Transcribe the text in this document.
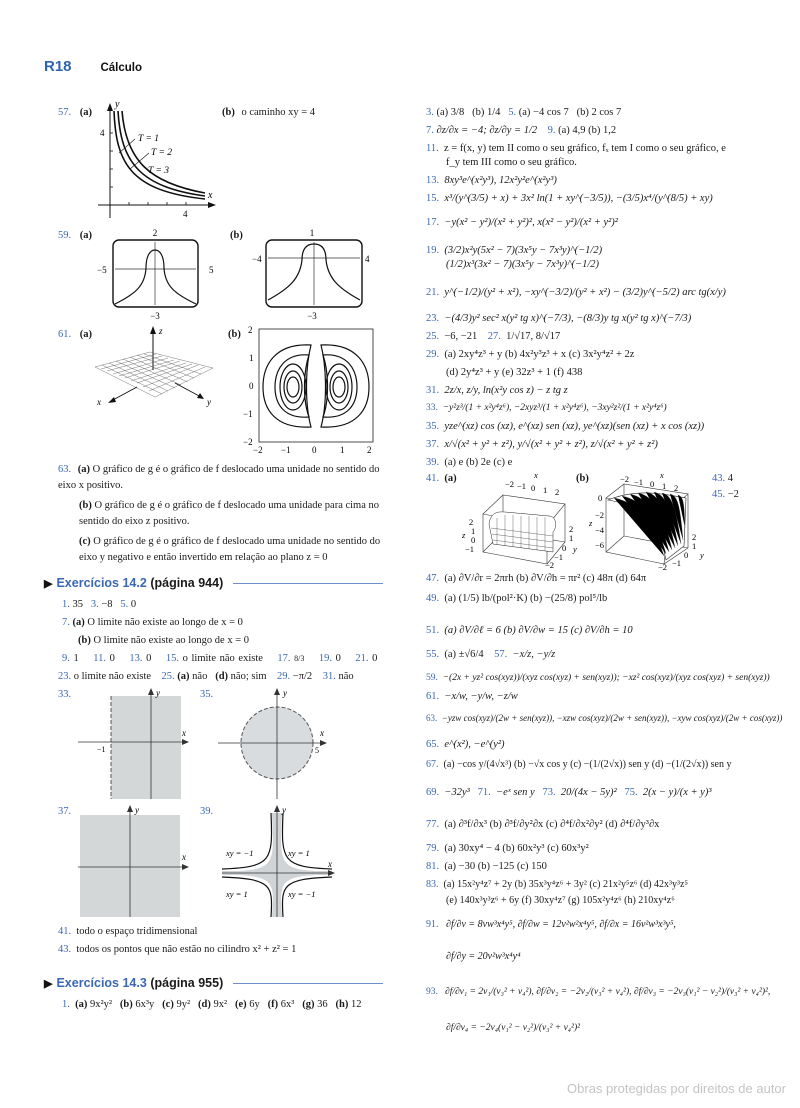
R18	Cálculo
57. (a)	(b) o caminho xy = 4
y
x
4
4
T = 1
T = 2
T = 3
59. (a)	(b)
2
−3
−5	5
1
−3
−4	4
61. (a)	(b)
z
x	y
2
1
0
−1
−2
−2 −1 0	1	2
63. (a) O gráfico de g é o gráfico de f deslocado uma unidade no sentido do eixo x positivo.
(b) O gráfico de g é o gráfico de f deslocado uma unidade para cima no sentido do eixo z positivo.
(c) O gráfico de g é o gráfico de f deslocado uma unidade no sentido do eixo y negativo e então invertido em relação ao plano z = 0
▶ Exercícios 14.2 (página 944)
1. 35 3. −8 5. 0
7. (a) O limite não existe ao longo de x = 0
(b) O limite não existe ao longo de x = 0
9. 1 11. 0 13. 0 15. o limite não existe 17. 8/3 19. 0 21. 0
23. o limite não existe 25. (a) não (d) não; sim 29. −π/2 31. não
33.	y
x
−1
35.	y
x
5
37.	y
x
39.	y
x
xy = −1	xy = 1
xy = 1	xy = −1
41. todo o espaço tridimensional
43. todos os pontos que não estão no cilindro x² + z² = 1
▶ Exercícios 14.3 (página 955)
1. (a) 9x²y² (b) 6x³y (c) 9y² (d) 9x² (e) 6y (f) 6x³ (g) 36 (h) 12
3. (a) 3/8 (b) 1/4 5. (a) −4 cos 7 (b) 2 cos 7
7. ∂z/∂x = −4; ∂z/∂y = 1/2 9. (a) 4,9 (b) 1,2
11. z = f(x, y) tem II como o seu gráfico, fₓ tem I como o seu gráfico, e
f_y tem III como o seu gráfico.
13. 8xy³e^(x²y³), 12x²y²e^(x²y³)
15. x³/(y^(3/5) + x) + 3x² ln(1 + xy^(−3/5)), −(3/5)x⁴/(y^(8/5) + xy)
17. −y(x² − y²)/(x² + y²)², x(x² − y²)/(x² + y²)²
19. (3/2)x²y(5x² − 7)(3x⁵y − 7x³y)^(−1/2)
(1/2)x³(3x² − 7)(3x⁵y − 7x³y)^(−1/2)
21. y^(−1/2)/(y² + x²), −xy^(−3/2)/(y² + x²) − (3/2)y^(−5/2) arc tg(x/y)
23. −(4/3)y² sec² x(y² tg x)^(−7/3), −(8/3)y tg x(y² tg x)^(−7/3)
25. −6, −21 27. 1/√17, 8/√17
29. (a) 2xy⁴z³ + y (b) 4x²y³z³ + x (c) 3x²y⁴z² + 2z
(d) 2y⁴z³ + y (e) 32z³ + 1 (f) 438
31. 2z/x, z/y, ln(x²y cos z) − z tg z
33. −y²z³/(1 + x²y⁴z⁶), −2xyz³/(1 + x²y⁴z⁶), −3xy²z²/(1 + x²y⁴z⁶)
35. yze^(xz) cos (xz), e^(xz) sen (xz), ye^(xz)(sen (xz) + x cos (xz))
37. x/√(x² + y² + z²), y/√(x² + y² + z²), z/√(x² + y² + z²)
39. (a) e (b) 2e (c) e
41. (a)	(b)
x
−2 −1 0 1 2
2
1
0
−1
z
2
1
0
−1
−2
y
x
−2 −1 0 1 2
0
−2
−4
−6
z
2
1
0
−1
−2
y
43. 4
45. −2
47. (a) ∂V/∂r = 2πrh (b) ∂V/∂h = πr² (c) 48π (d) 64π
49. (a) (1/5) lb/(pol²·K) (b) −(25/8) pol⁵/lb
51. (a) ∂V/∂ℓ = 6 (b) ∂V/∂w = 15 (c) ∂V/∂h = 10
55. (a) ±√6/4 57. −x/z, −y/z
59. −(2x + yz² cos(xyz))/(xyz cos(xyz) + sen(xyz)); −xz² cos(xyz)/(xyz cos(xyz) + sen(xyz))
61. −x/w, −y/w, −z/w
63. −yzw cos(xyz)/(2w + sen(xyz)), −xzw cos(xyz)/(2w + sen(xyz)), −xyw cos(xyz)/(2w + cos(xyz))
65. e^(x²), −e^(y²)
67. (a) −cos y/(4√x³) (b) −√x cos y (c) −(1/(2√x)) sen y (d) −(1/(2√x)) sen y
69. −32y³ 71. −eˣ sen y 73. 20/(4x − 5y)² 75. 2(x − y)/(x + y)³
77. (a) ∂³f/∂x³ (b) ∂³f/∂y²∂x (c) ∂⁴f/∂x²∂y² (d) ∂⁴f/∂y³∂x
79. (a) 30xy⁴ − 4 (b) 60x²y³ (c) 60x³y²
81. (a) −30 (b) −125 (c) 150
83. (a) 15x²y⁴z⁷ + 2y (b) 35x³y⁴z⁶ + 3y² (c) 21x²y⁵z⁶ (d) 42x³y³z⁵
(e) 140x³y³z⁶ + 6y (f) 30xy⁴z⁷ (g) 105x²y⁴z⁶ (h) 210xy⁴z⁶
91. ∂f/∂v = 8vw³x⁴y⁵, ∂f/∂w = 12v²w²x⁴y⁵, ∂f/∂x = 16v²w³x³y⁵,
∂f/∂y = 20v²w³x⁴y⁴
93. ∂f/∂v₁ = 2v₁/(v₃² + v₄²), ∂f/∂v₂ = −2v₂/(v₃² + v₄²), ∂f/∂v₃ = −2v₃(v₁² − v₂²)/(v₃² + v₄²)²,
∂f/∂v₄ = −2v₄(v₁² − v₂²)/(v₃² + v₄²)²
Obras protegidas por direitos de autor
